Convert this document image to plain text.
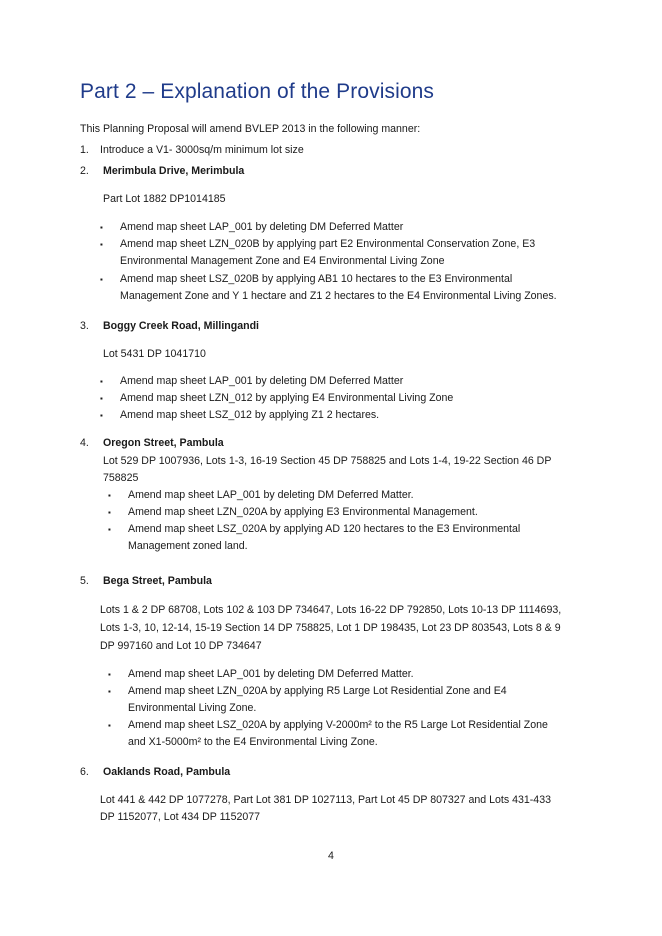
Part 2 – Explanation of the Provisions
This Planning Proposal will amend BVLEP 2013 in the following manner:
1. Introduce a V1- 3000sq/m minimum lot size
2. Merimbula Drive, Merimbula
Part Lot 1882 DP1014185
▪ Amend map sheet LAP_001 by deleting DM Deferred Matter
▪ Amend map sheet LZN_020B by applying part E2 Environmental Conservation Zone, E3
Environmental Management Zone and E4 Environmental Living Zone
▪ Amend map sheet LSZ_020B by applying AB1 10 hectares to the E3 Environmental
Management Zone and Y 1 hectare and Z1 2 hectares to the E4 Environmental Living Zones.
3. Boggy Creek Road, Millingandi
Lot 5431 DP 1041710
▪ Amend map sheet LAP_001 by deleting DM Deferred Matter
▪ Amend map sheet LZN_012 by applying E4 Environmental Living Zone
▪ Amend map sheet LSZ_012 by applying Z1 2 hectares.
4. Oregon Street, Pambula
Lot 529 DP 1007936, Lots 1-3, 16-19 Section 45 DP 758825 and Lots 1-4, 19-22 Section 46 DP
758825
▪ Amend map sheet LAP_001 by deleting DM Deferred Matter.
▪ Amend map sheet LZN_020A by applying E3 Environmental Management.
▪ Amend map sheet LSZ_020A by applying AD 120 hectares to the E3 Environmental
Management zoned land.
5. Bega Street, Pambula
Lots 1 & 2 DP 68708, Lots 102 & 103 DP 734647, Lots 16-22 DP 792850, Lots 10-13 DP 1114693,
Lots 1-3, 10, 12-14, 15-19 Section 14 DP 758825, Lot 1 DP 198435, Lot 23 DP 803543, Lots 8 & 9
DP 997160 and Lot 10 DP 734647
▪ Amend map sheet LAP_001 by deleting DM Deferred Matter.
▪ Amend map sheet LZN_020A by applying R5 Large Lot Residential Zone and E4
Environmental Living Zone.
▪ Amend map sheet LSZ_020A by applying V-2000m² to the R5 Large Lot Residential Zone
and X1-5000m² to the E4 Environmental Living Zone.
6. Oaklands Road, Pambula
Lot 441 & 442 DP 1077278, Part Lot 381 DP 1027113, Part Lot 45 DP 807327 and Lots 431-433
DP 1152077, Lot 434 DP 1152077
4
